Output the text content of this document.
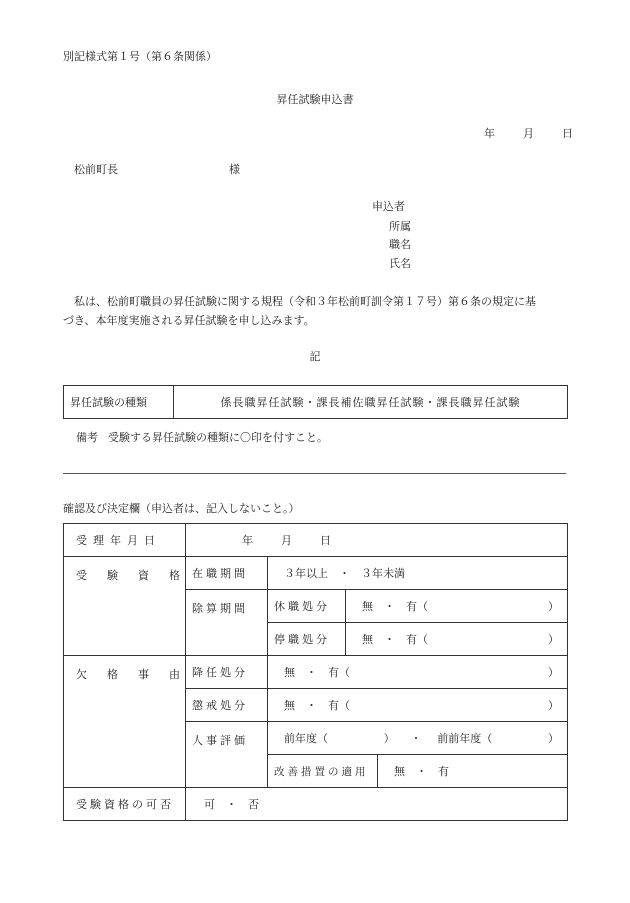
別記様式第１号（第６条関係）
昇任試験申込書
年　　月　　日
松前町長	様
申込者
所属
職名
氏名
私は、松前町職員の昇任試験に関する規程（令和３年松前町訓令第１７号）第６条の規定に基
づき、本年度実施される昇任試験を申し込みます。
記
昇任試験の種類	係長職昇任試験・課長補佐職昇任試験・課長職昇任試験
備考 受験する昇任試験の種類に〇印を付すこと。
確認及び決定欄（申込者は、記入しないこと。）
受理年月日	年　　月　　日			
受験資格	在職期間	３年以上　・　３年未満		
	除算期間	休職処分	無　・　有（ ）	

		停職処分	無　・　有（ ）	

欠格事由	降任処分	無　・　有（ ）		

	懲戒処分	無　・　有（ ）		

	人事評価	前年度（ ） ・ 前前年度（ ）		

		改善措置の適用		無　・　有
受験資格の可否	可　・　否			
